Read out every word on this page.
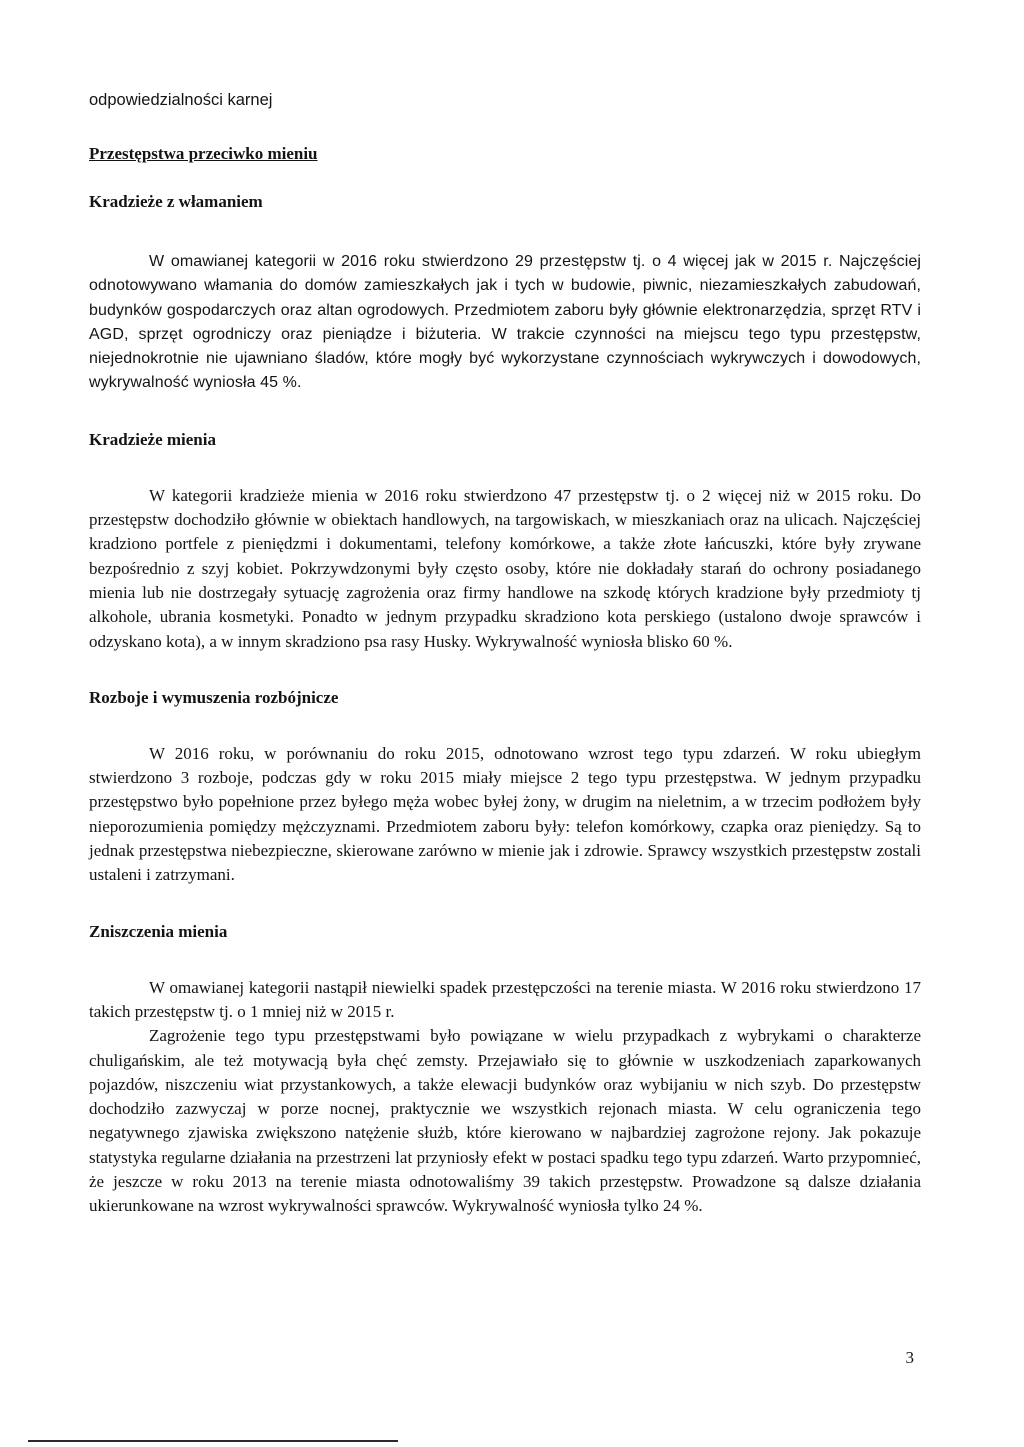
odpowiedzialności karnej

Przestępstwa przeciwko mieniu
Kradzieże z włamaniem

W omawianej kategorii w 2016 roku stwierdzono 29 przestępstw tj. o 4 więcej jak w 2015 r. Najczęściej odnotowywano włamania do domów zamieszkałych jak i tych w budowie, piwnic, niezamieszkałych zabudowań, budynków gospodarczych oraz altan ogrodowych. Przedmiotem zaboru były głównie elektronarzędzia, sprzęt RTV i AGD, sprzęt ogrodniczy oraz pieniądze i biżuteria. W trakcie czynności na miejscu tego typu przestępstw, niejednokrotnie nie ujawniano śladów, które mogły być wykorzystane czynnościach wykrywczych i dowodowych, wykrywalność wyniosła 45 %.

Kradzieże mienia

W kategorii kradzieże mienia w 2016 roku stwierdzono 47 przestępstw tj. o 2 więcej niż w 2015 roku. Do przestępstw dochodziło głównie w obiektach handlowych, na targowiskach, w mieszkaniach oraz na ulicach. Najczęściej kradziono portfele z pieniędzmi i dokumentami, telefony komórkowe, a także złote łańcuszki, które były zrywane bezpośrednio z szyj kobiet. Pokrzywdzonymi były często osoby, które nie dokładały starań do ochrony posiadanego mienia lub nie dostrzegały sytuację zagrożenia oraz firmy handlowe na szkodę których kradzione były przedmioty tj alkohole, ubrania kosmetyki. Ponadto w jednym przypadku skradziono kota perskiego (ustalono dwoje sprawców i odzyskano kota), a w innym skradziono psa rasy Husky. Wykrywalność wyniosła blisko 60 %.

Rozboje i wymuszenia rozbójnicze

W 2016 roku, w porównaniu do roku 2015, odnotowano wzrost tego typu zdarzeń. W roku ubiegłym stwierdzono 3 rozboje, podczas gdy w roku 2015 miały miejsce 2 tego typu przestępstwa. W jednym przypadku przestępstwo było popełnione przez byłego męża wobec byłej żony, w drugim na nieletnim, a w trzecim podłożem były nieporozumienia pomiędzy mężczyznami. Przedmiotem zaboru były: telefon komórkowy, czapka oraz pieniędzy. Są to jednak przestępstwa niebezpieczne, skierowane zarówno w mienie jak i zdrowie. Sprawcy wszystkich przestępstw zostali ustaleni i zatrzymani.

Zniszczenia mienia

W omawianej kategorii nastąpił niewielki spadek przestępczości na terenie miasta. W 2016 roku stwierdzono 17 takich przestępstw tj. o 1 mniej niż w 2015 r.

Zagrożenie tego typu przestępstwami było powiązane w wielu przypadkach z wybrykami o charakterze chuligańskim, ale też motywacją była chęć zemsty. Przejawiało się to głównie w uszkodzeniach zaparkowanych pojazdów, niszczeniu wiat przystankowych, a także elewacji budynków oraz wybijaniu w nich szyb. Do przestępstw dochodziło zazwyczaj w porze nocnej, praktycznie we wszystkich rejonach miasta. W celu ograniczenia tego negatywnego zjawiska zwiększono natężenie służb, które kierowano w najbardziej zagrożone rejony. Jak pokazuje statystyka regularne działania na przestrzeni lat przyniosły efekt w postaci spadku tego typu zdarzeń. Warto przypomnieć, że jeszcze w roku 2013 na terenie miasta odnotowaliśmy 39 takich przestępstw. Prowadzone są dalsze działania ukierunkowane na wzrost wykrywalności sprawców. Wykrywalność wyniosła tylko 24 %.

3
